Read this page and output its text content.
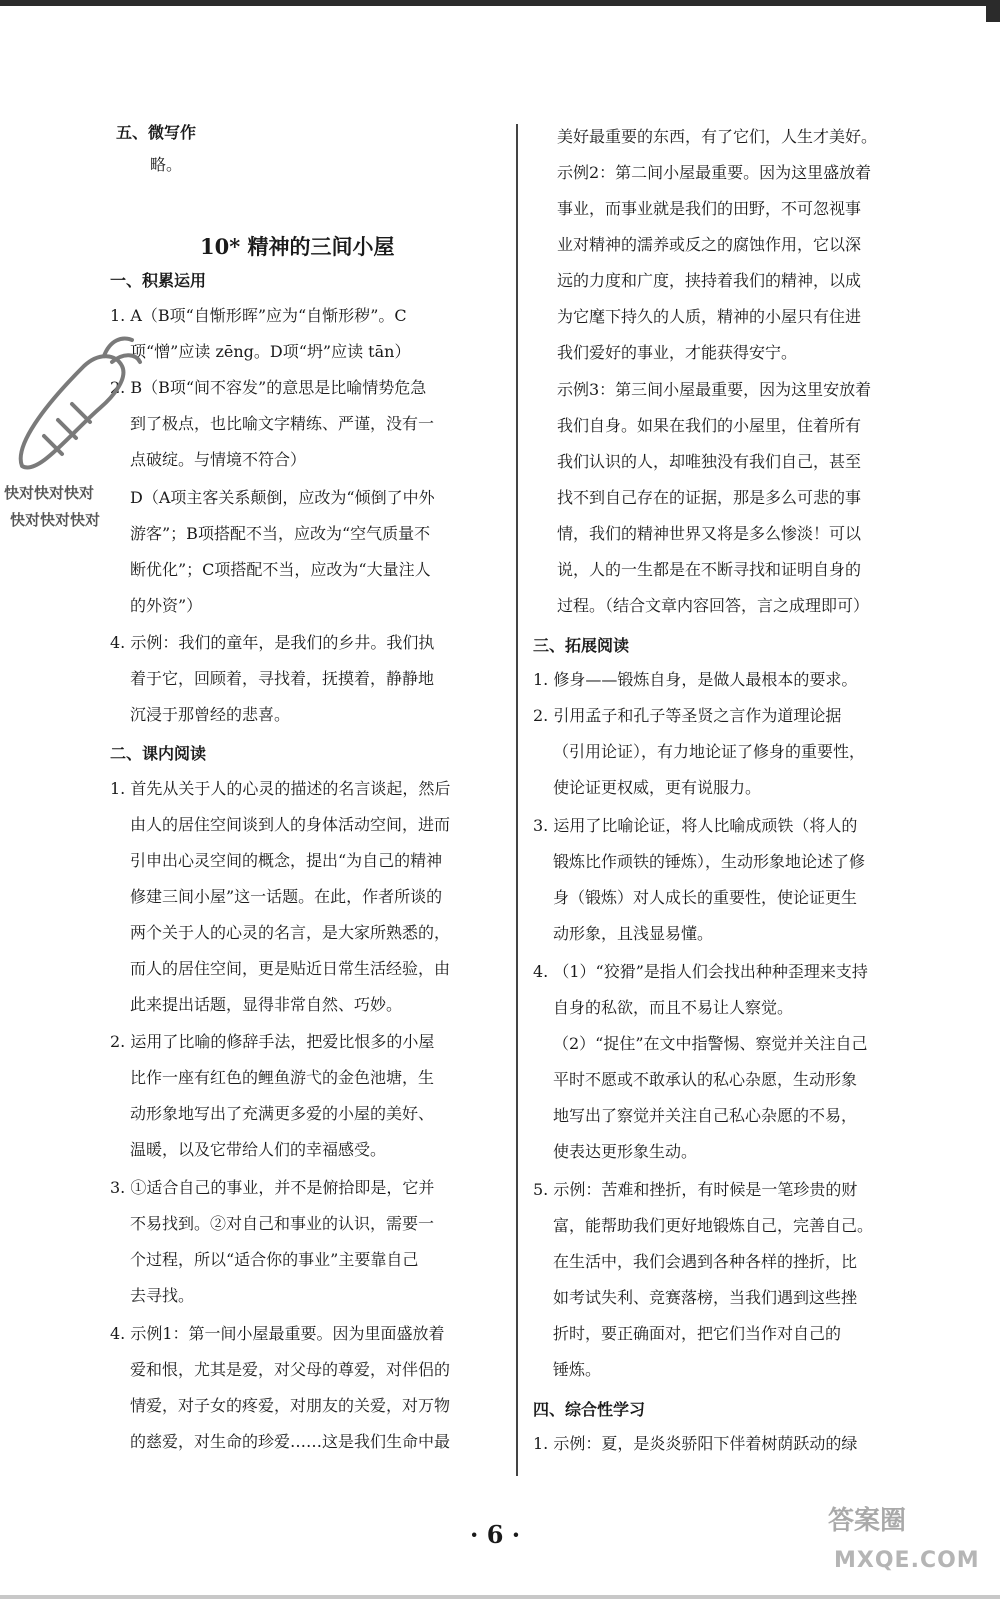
五、微写作
略。
10* 精神的三间小屋
一、积累运用
1. A（B项“自惭形晖”应为“自惭形秽”。C
项“憎”应读 zēng。D项“坍”应读 tān）
2. B（B项“间不容发”的意思是比喻情势危急
到了极点，也比喻文字精练、严谨，没有一
点破绽。与情境不符合）
D（A项主客关系颠倒，应改为“倾倒了中外
游客”；B项搭配不当，应改为“空气质量不
断优化”；C项搭配不当，应改为“大量注人
的外资”）
4. 示例：我们的童年，是我们的乡井。我们执
着于它，回顾着，寻找着，抚摸着，静静地
沉浸于那曾经的悲喜。
二、课内阅读
1. 首先从关于人的心灵的描述的名言谈起，然后
由人的居住空间谈到人的身体活动空间，进而
引申出心灵空间的概念，提出“为自己的精神
修建三间小屋”这一话题。在此，作者所谈的
两个关于人的心灵的名言，是大家所熟悉的，
而人的居住空间，更是贴近日常生活经验，由
此来提出话题，显得非常自然、巧妙。
2. 运用了比喻的修辞手法，把爱比恨多的小屋
比作一座有红色的鲤鱼游弋的金色池塘，生
动形象地写出了充满更多爱的小屋的美好、
温暖，以及它带给人们的幸福感受。
3. ①适合自己的事业，并不是俯拾即是，它并
不易找到。②对自己和事业的认识，需要一
个过程，所以“适合你的事业”主要靠自己
去寻找。
4. 示例1：第一间小屋最重要。因为里面盛放着
爱和恨，尤其是爱，对父母的尊爱，对伴侣的
情爱，对子女的疼爱，对朋友的关爱，对万物
的慈爱，对生命的珍爱……这是我们生命中最
美好最重要的东西，有了它们，人生才美好。
示例2：第二间小屋最重要。因为这里盛放着
事业，而事业就是我们的田野，不可忽视事
业对精神的濡养或反之的腐蚀作用，它以深
远的力度和广度，挟持着我们的精神，以成
为它麾下持久的人质，精神的小屋只有住进
我们爱好的事业，才能获得安宁。
示例3：第三间小屋最重要，因为这里安放着
我们自身。如果在我们的小屋里，住着所有
我们认识的人，却唯独没有我们自己，甚至
找不到自己存在的证据，那是多么可悲的事
情，我们的精神世界又将是多么惨淡！可以
说，人的一生都是在不断寻找和证明自身的
过程。（结合文章内容回答，言之成理即可）
三、拓展阅读
1. 修身——锻炼自身，是做人最根本的要求。
2. 引用孟子和孔子等圣贤之言作为道理论据
（引用论证），有力地论证了修身的重要性，
使论证更权威，更有说服力。
3. 运用了比喻论证，将人比喻成顽铁（将人的
锻炼比作顽铁的锤炼），生动形象地论述了修
身（锻炼）对人成长的重要性，使论证更生
动形象，且浅显易懂。
4. （1）“狡猾”是指人们会找出种种歪理来支持
自身的私欲，而且不易让人察觉。
（2）“捉住”在文中指警惕、察觉并关注自己
平时不愿或不敢承认的私心杂愿，生动形象
地写出了察觉并关注自己私心杂愿的不易，
使表达更形象生动。
5. 示例：苦难和挫折，有时候是一笔珍贵的财
富，能帮助我们更好地锻炼自己，完善自己。
在生活中，我们会遇到各种各样的挫折，比
如考试失利、竞赛落榜，当我们遇到这些挫
折时，要正确面对，把它们当作对自己的
锤炼。
四、综合性学习
1. 示例：夏，是炎炎骄阳下伴着树荫跃动的绿
· 6 ·
快对快对快对
快对快对快对
答案圈
MXQE.COM
